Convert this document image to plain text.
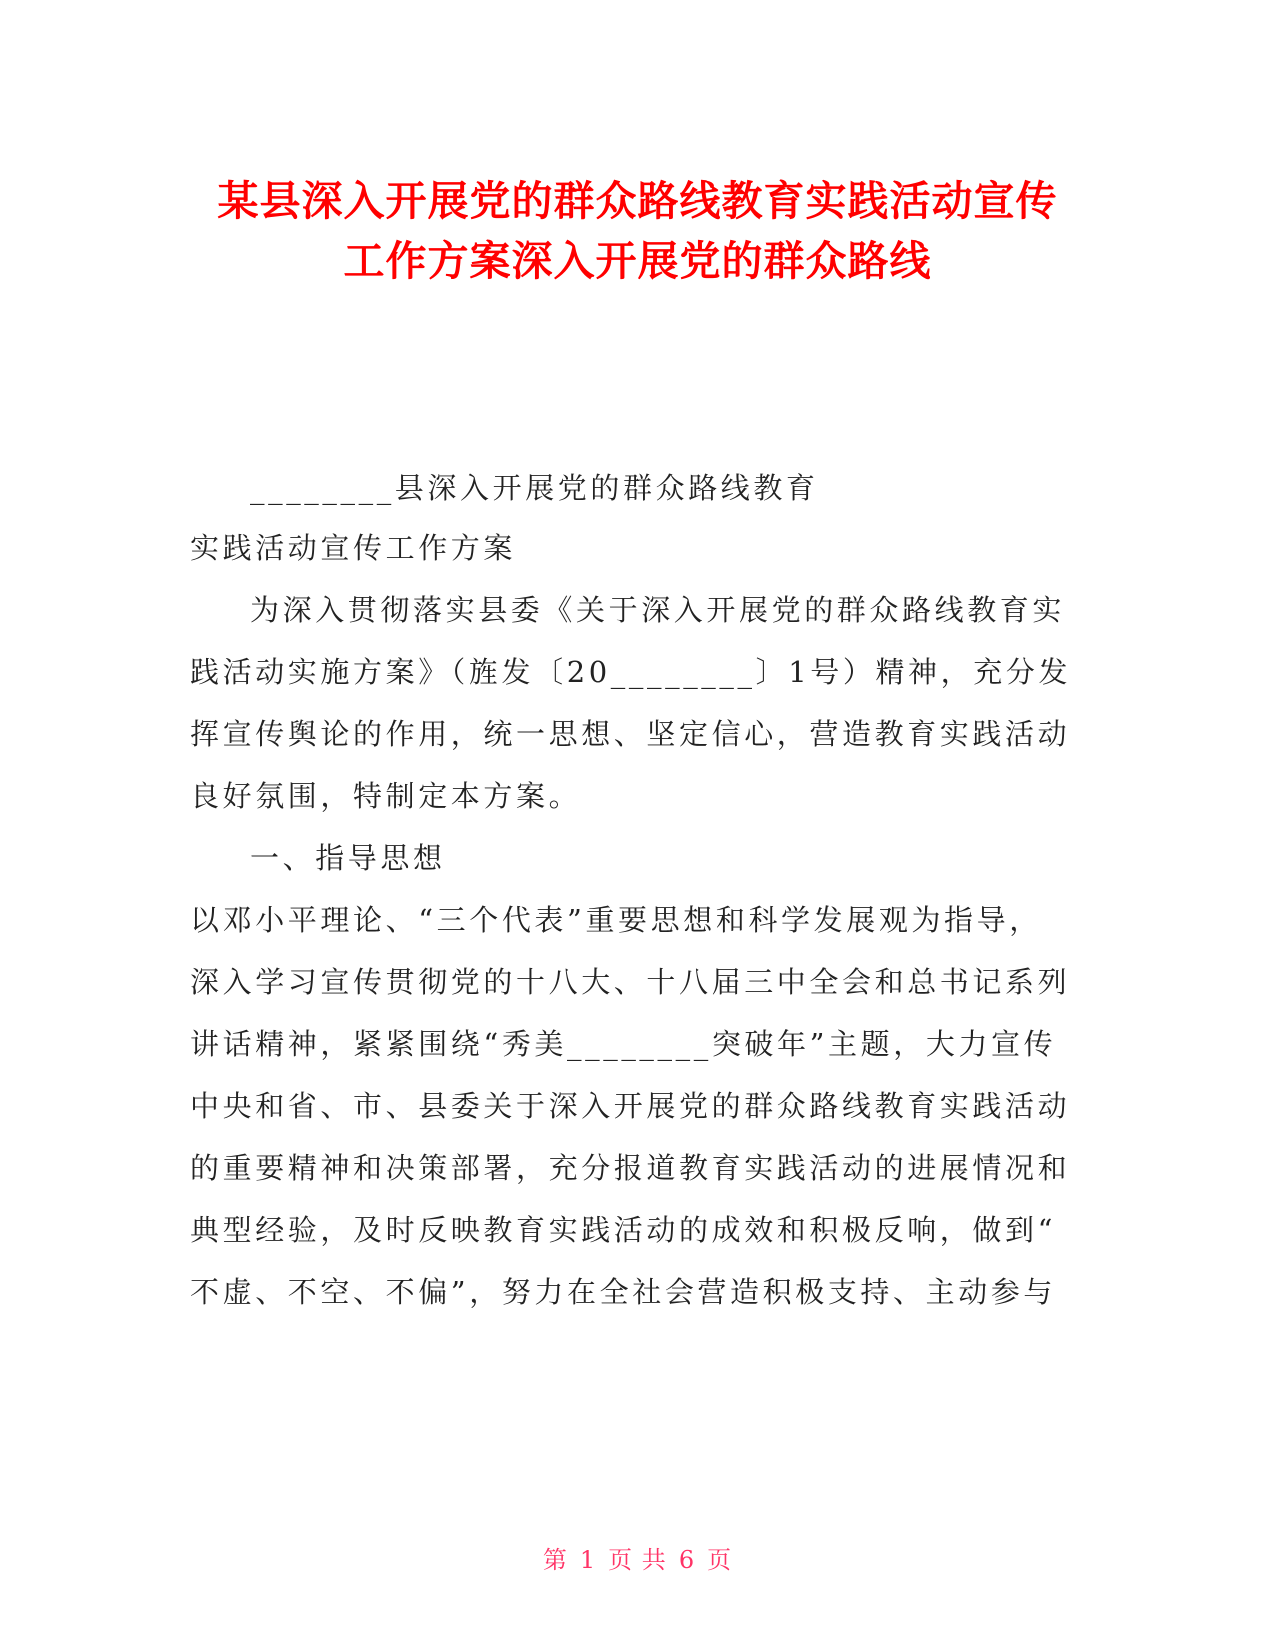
某县深入开展党的群众路线教育实践活动宣传
工作方案深入开展党的群众路线
________县深入开展党的群众路线教育
实践活动宣传工作方案
为深入贯彻落实县委《关于深入开展党的群众路线教育实
践活动实施方案》（旌发〔20________〕1号）精神，充分发
挥宣传舆论的作用，统一思想、坚定信心，营造教育实践活动
良好氛围，特制定本方案。
一、指导思想
以邓小平理论、“三个代表”重要思想和科学发展观为指导，
深入学习宣传贯彻党的十八大、十八届三中全会和总书记系列
讲话精神，紧紧围绕“秀美________突破年”主题，大力宣传
中央和省、市、县委关于深入开展党的群众路线教育实践活动
的重要精神和决策部署，充分报道教育实践活动的进展情况和
典型经验，及时反映教育实践活动的成效和积极反响，做到“
不虚、不空、不偏”，努力在全社会营造积极支持、主动参与
第 1 页 共 6 页
